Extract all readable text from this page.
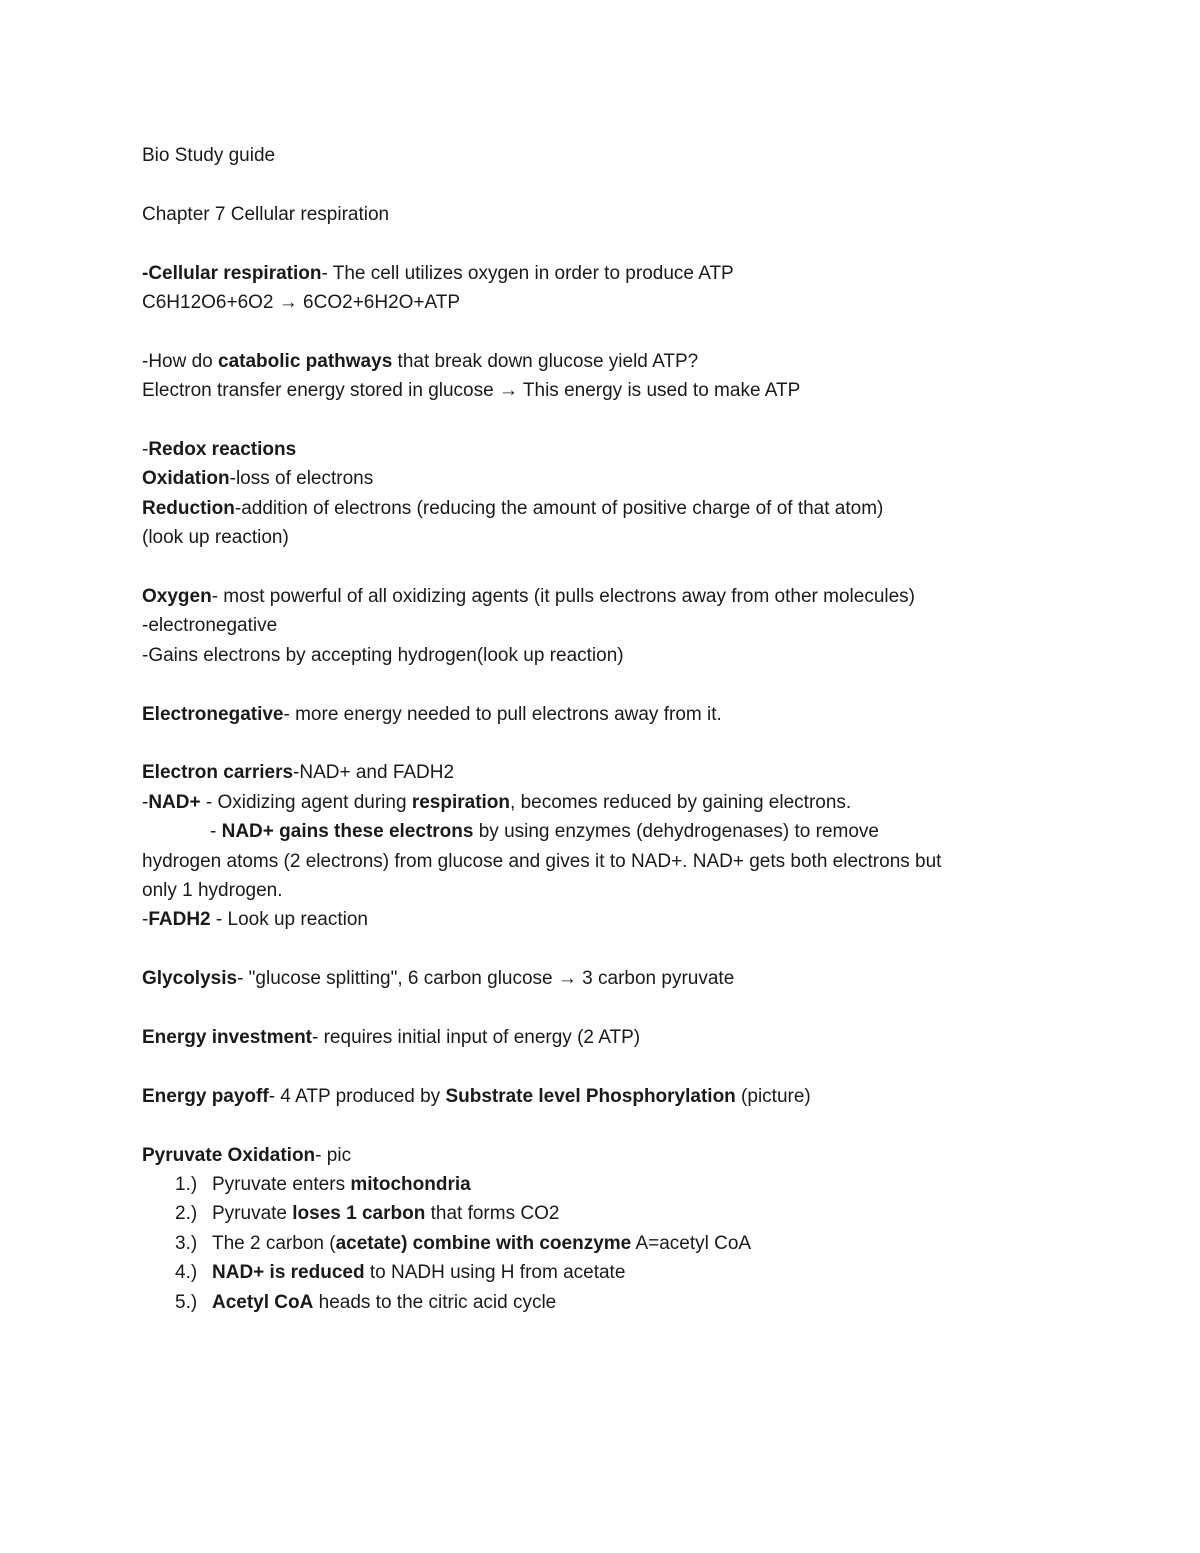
Bio Study guide

Chapter 7 Cellular respiration

-Cellular respiration- The cell utilizes oxygen in order to produce ATP

C6H12O6+6O2 → 6CO2+6H2O+ATP

-How do catabolic pathways that break down glucose yield ATP?

Electron transfer energy stored in glucose → This energy is used to make ATP

-Redox reactions

Oxidation-loss of electrons

Reduction-addition of electrons (reducing the amount of positive charge of of that atom)

(look up reaction)

Oxygen- most powerful of all oxidizing agents (it pulls electrons away from other molecules)

-electronegative

-Gains electrons by accepting hydrogen(look up reaction)

Electronegative- more energy needed to pull electrons away from it.

Electron carriers-NAD+ and FADH2

-NAD+ - Oxidizing agent during respiration, becomes reduced by gaining electrons.

- NAD+ gains these electrons by using enzymes (dehydrogenases) to remove

hydrogen atoms (2 electrons) from glucose and gives it to NAD+. NAD+ gets both electrons but

only 1 hydrogen.

-FADH2 - Look up reaction

Glycolysis- "glucose splitting", 6 carbon glucose → 3 carbon pyruvate

Energy investment- requires initial input of energy (2 ATP)

Energy payoff- 4 ATP produced by Substrate level Phosphorylation (picture)

Pyruvate Oxidation- pic

1.) Pyruvate enters mitochondria
2.) Pyruvate loses 1 carbon that forms CO2
3.) The 2 carbon (acetate) combine with coenzyme A=acetyl CoA
4.) NAD+ is reduced to NADH using H from acetate
5.) Acetyl CoA heads to the citric acid cycle
